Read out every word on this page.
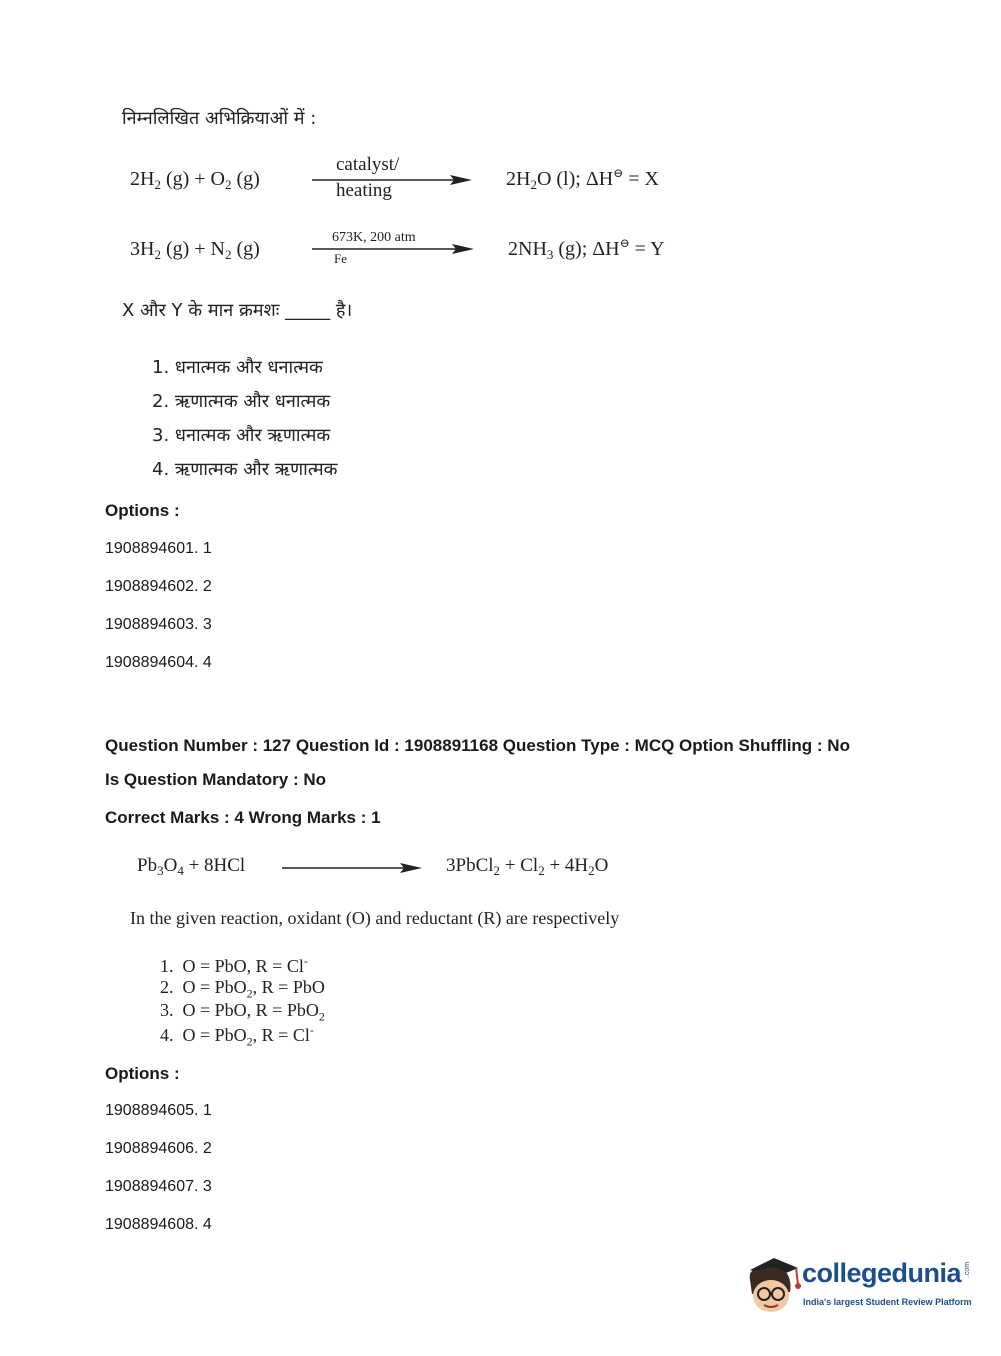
निम्नलिखित अभिक्रियाओं में :
$2H_2$ $(g) + O_2$ (g)
catalyst/
heating
$2H_2O$ (l); ΔH⊖ = X
$3H_2$ $(g) + N_2$ (g)
673K, 200 atm
Fe	$2NH_3$ (g); ΔH⊖ = Y
X और Y के मान क्रमशः _____ है।
1. धनात्मक और धनात्मक
2. ऋणात्मक और धनात्मक
3. धनात्मक और ऋणात्मक
4. ऋणात्मक और ऋणात्मक
Options :
1908894601. 1
1908894602. 2
1908894603. 3
1908894604. 4
Question Number : 127 Question Id : 1908891168 Question Type : MCQ Option Shuffling : No
Is Question Mandatory : No
Correct Marks : 4 Wrong Marks : 1
$Pb_3O_4 + 8HCl$	3PbCl$_2$ + $Cl_2 + 4H_2O$
In the given reaction, oxidant (O) and reductant (R) are respectively
1. O = PbO, R = Cl-
2. O = PbO$_2$, R = PbO
3. O = PbO, R = PbO$_2$
4. O = PbO$_2$, R = Cl-
Options :
1908894605. 1
1908894606. 2
1908894607. 3
1908894608. 4
collegedunia .com
India's largest Student Review Platform
